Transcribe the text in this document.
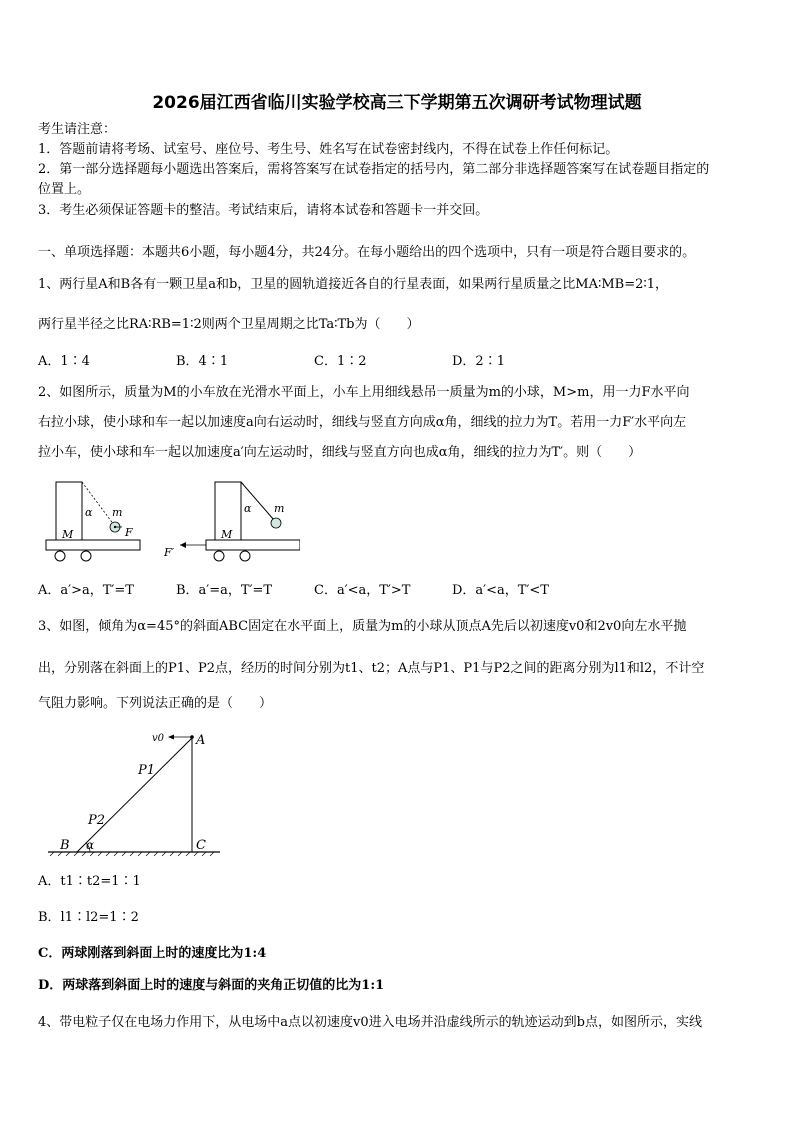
2026届江西省临川实验学校高三下学期第五次调研考试物理试题
考生请注意：
1．答题前请将考场、试室号、座位号、考生号、姓名写在试卷密封线内，不得在试卷上作任何标记。
2．第一部分选择题每小题选出答案后，需将答案写在试卷指定的括号内，第二部分非选择题答案写在试卷题目指定的
位置上。
3．考生必须保证答题卡的整洁。考试结束后，请将本试卷和答题卡一并交回。
一、单项选择题：本题共6小题，每小题4分，共24分。在每小题给出的四个选项中，只有一项是符合题目要求的。
1、两行星A和B各有一颗卫星a和b，卫星的圆轨道接近各自的行星表面，如果两行星质量之比MA∶MB=2∶1，
两行星半径之比RA∶RB=1∶2则两个卫星周期之比Ta∶Tb为（　　）
A．1∶4	B．4∶1	C．1∶2	D．2∶1
2、如图所示，质量为M的小车放在光滑水平面上，小车上用细线悬吊一质量为m的小球，M>m，用一力F水平向
右拉小球，使小球和车一起以加速度a向右运动时，细线与竖直方向成α角，细线的拉力为T。若用一力F′水平向左
拉小车，使小球和车一起以加速度a′向左运动时，细线与竖直方向也成α角，细线的拉力为T′。则（　　）
α m
M	F
α m
M
F′
A．a′>a，T′=T	B．a′=a，T′=T	C．a′<a，T′>T	D．a′<a，T′<T
3、如图，倾角为α=45°的斜面ABC固定在水平面上，质量为m的小球从顶点A先后以初速度v0和2v0向左水平抛
出，分别落在斜面上的P1、P2点，经历的时间分别为t1、t2；A点与P1、P1与P2之间的距离分别为l1和l2，不计空
气阻力影响。下列说法正确的是（　　）
v0 A
P1
P2
B α	C
A．t1∶t2=1∶1
B．l1∶l2=1∶2
C．两球刚落到斜面上时的速度比为1:4
D．两球落到斜面上时的速度与斜面的夹角正切值的比为1:1
4、带电粒子仅在电场力作用下，从电场中a点以初速度v0进入电场并沿虚线所示的轨迹运动到b点，如图所示，实线
